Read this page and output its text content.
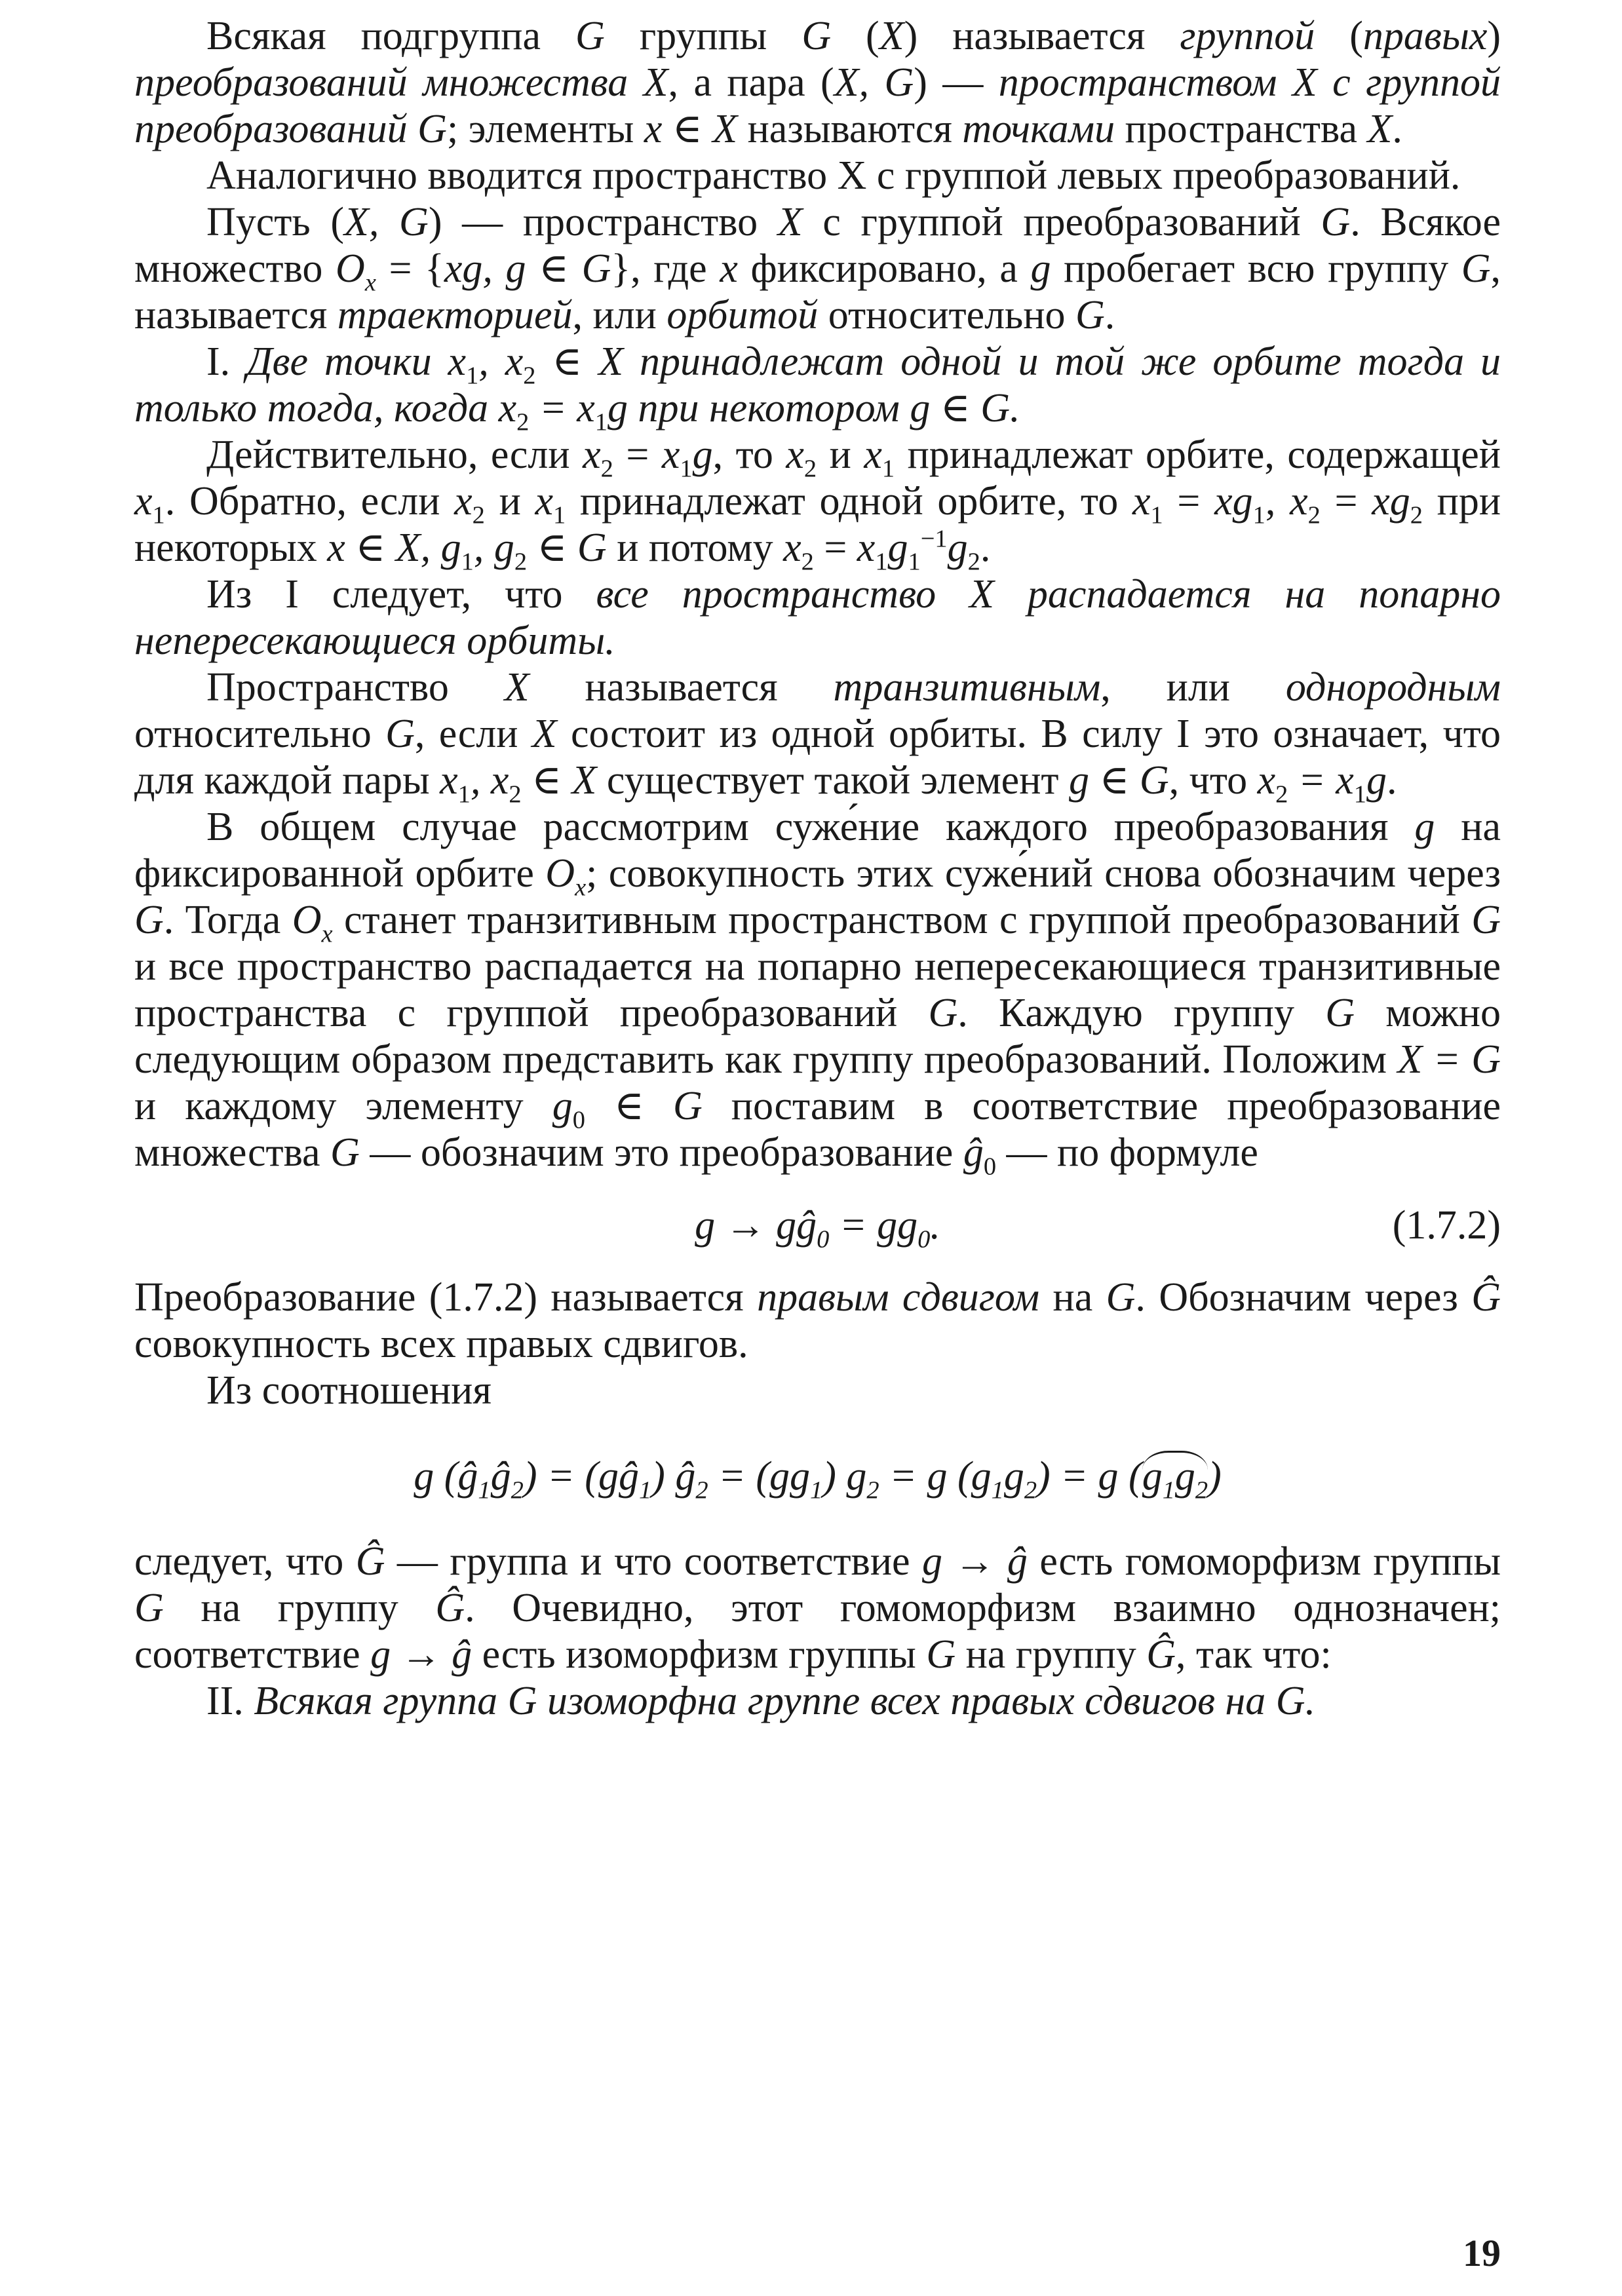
Всякая подгруппа G группы G (X) называется группой (правых) преобразований множества X, а пара (X, G) — пространством X с группой преобразований G; элементы x ∈ X называются точками пространства X.

Аналогично вводится пространство X с группой левых преобразований.

Пусть (X, G) — пространство X с группой преобразований G. Всякое множество $O_x = \{xg$, g ∈ G}, где x фиксировано, а g пробегает всю группу G, называется траекторией, или орбитой относительно G.

I. Две точки $x_1$, $x_2$ ∈ X принадлежат одной и той же орбите тогда и только тогда, когда $x_2 = x_1g$ при некотором g ∈ G.

Действительно, если $x_2 = x_1g$, то $x_2$ и $x_1$ принадлежат орбите, содержащей $x_1$. Обратно, если $x_2$ и $x_1$ принадлежат одной орбите, то $x_1 = xg_1$, $x_2 = xg_2$ при некоторых x ∈ X, $g_1$, $g_2$ ∈ G и потому $x_2 = x_1g_1^{-1}g_2$.

Из I следует, что все пространство X распадается на попарно непересекающиеся орбиты.

Пространство X называется транзитивным, или однородным относительно G, если X состоит из одной орбиты. В силу I это означает, что для каждой пары $x_1$, $x_2$ ∈ X существует такой элемент g ∈ G, что $x_2 = x_1g$.

В общем случае рассмотрим суже́ние каждого преобразования g на фиксированной орбите $O_x$; совокупность этих суже́ний снова обозначим через G. Тогда $O_x$ станет транзитивным пространством с группой преобразований G и все пространство распадается на попарно непересекающиеся транзитивные пространства с группой преобразований G. Каждую группу G можно следующим образом представить как группу преобразований. Положим X = G и каждому элементу $g_0$ ∈ G поставим в соответствие преобразование множества G — обозначим это преобразование $ĝ_0$ — по формуле

$g \to gĝ_0 = gg_0$.	(1.7.2)

Преобразование (1.7.2) называется правым сдвигом на G. Обозначим через Ĝ совокупность всех правых сдвигов.

Из соотношения

g $(ĝ_1ĝ_2)$ = $(gĝ_1)$ $ĝ_2 = (gg_1) g_2 = g$ $(g_1g_2) = g$ $(g_1g_2)$

следует, что Ĝ — группа и что соответствие g → ĝ есть гомоморфизм группы G на группу Ĝ. Очевидно, этот гомоморфизм взаимно однозначен; соответствие g → ĝ есть изоморфизм группы G на группу Ĝ, так что:

II. Всякая группа G изоморфна группе всех правых сдвигов на G.

19
